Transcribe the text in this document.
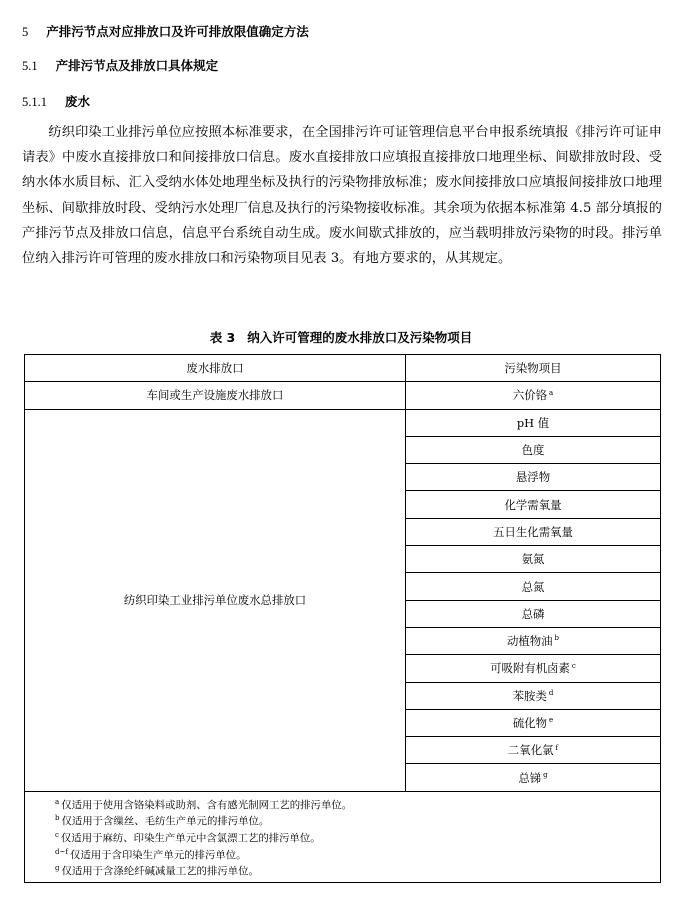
5 产排污节点对应排放口及许可排放限值确定方法
5.1 产排污节点及排放口具体规定
5.1.1 废水
纺织印染工业排污单位应按照本标准要求，在全国排污许可证管理信息平台申报系统填报《排污许可证申请表》中废水直接排放口和间接排放口信息。废水直接排放口应填报直接排放口地理坐标、间歇排放时段、受纳水体水质目标、汇入受纳水体处地理坐标及执行的污染物排放标准；废水间接排放口应填报间接排放口地理坐标、间歇排放时段、受纳污水处理厂信息及执行的污染物接收标准。其余项为依据本标准第 4.5 部分填报的产排污节点及排放口信息，信息平台系统自动生成。废水间歇式排放的，应当载明排放污染物的时段。排污单位纳入排污许可管理的废水排放口和污染物项目见表 3。有地方要求的，从其规定。
表 3 纳入许可管理的废水排放口及污染物项目
废水排放口	污染物项目
车间或生产设施废水排放口	六价铬 $^a$
纺织印染工业排污单位废水总排放口	pH 值
	色度
	悬浮物
	化学需氧量
	五日生化需氧量
	氨氮
	总氮
	总磷
	动植物油 $^b$
	可吸附有机卤素 $^c$
	苯胺类 $^d$
	硫化物 $^e$
	二氧化氯 $^f$
	总锑 $^g$

$^a$ 仅适用于使用含铬染料或助剂、含有感光制网工艺的排污单位。
$^b$ 仅适用于含缫丝、毛纺生产单元的排污单位。
$^c$ 仅适用于麻纺、印染生产单元中含氯漂工艺的排污单位。
$^{d\sim f}$ 仅适用于含印染生产单元的排污单位。
$^g$ 仅适用于含涤纶纤碱减量工艺的排污单位。	
